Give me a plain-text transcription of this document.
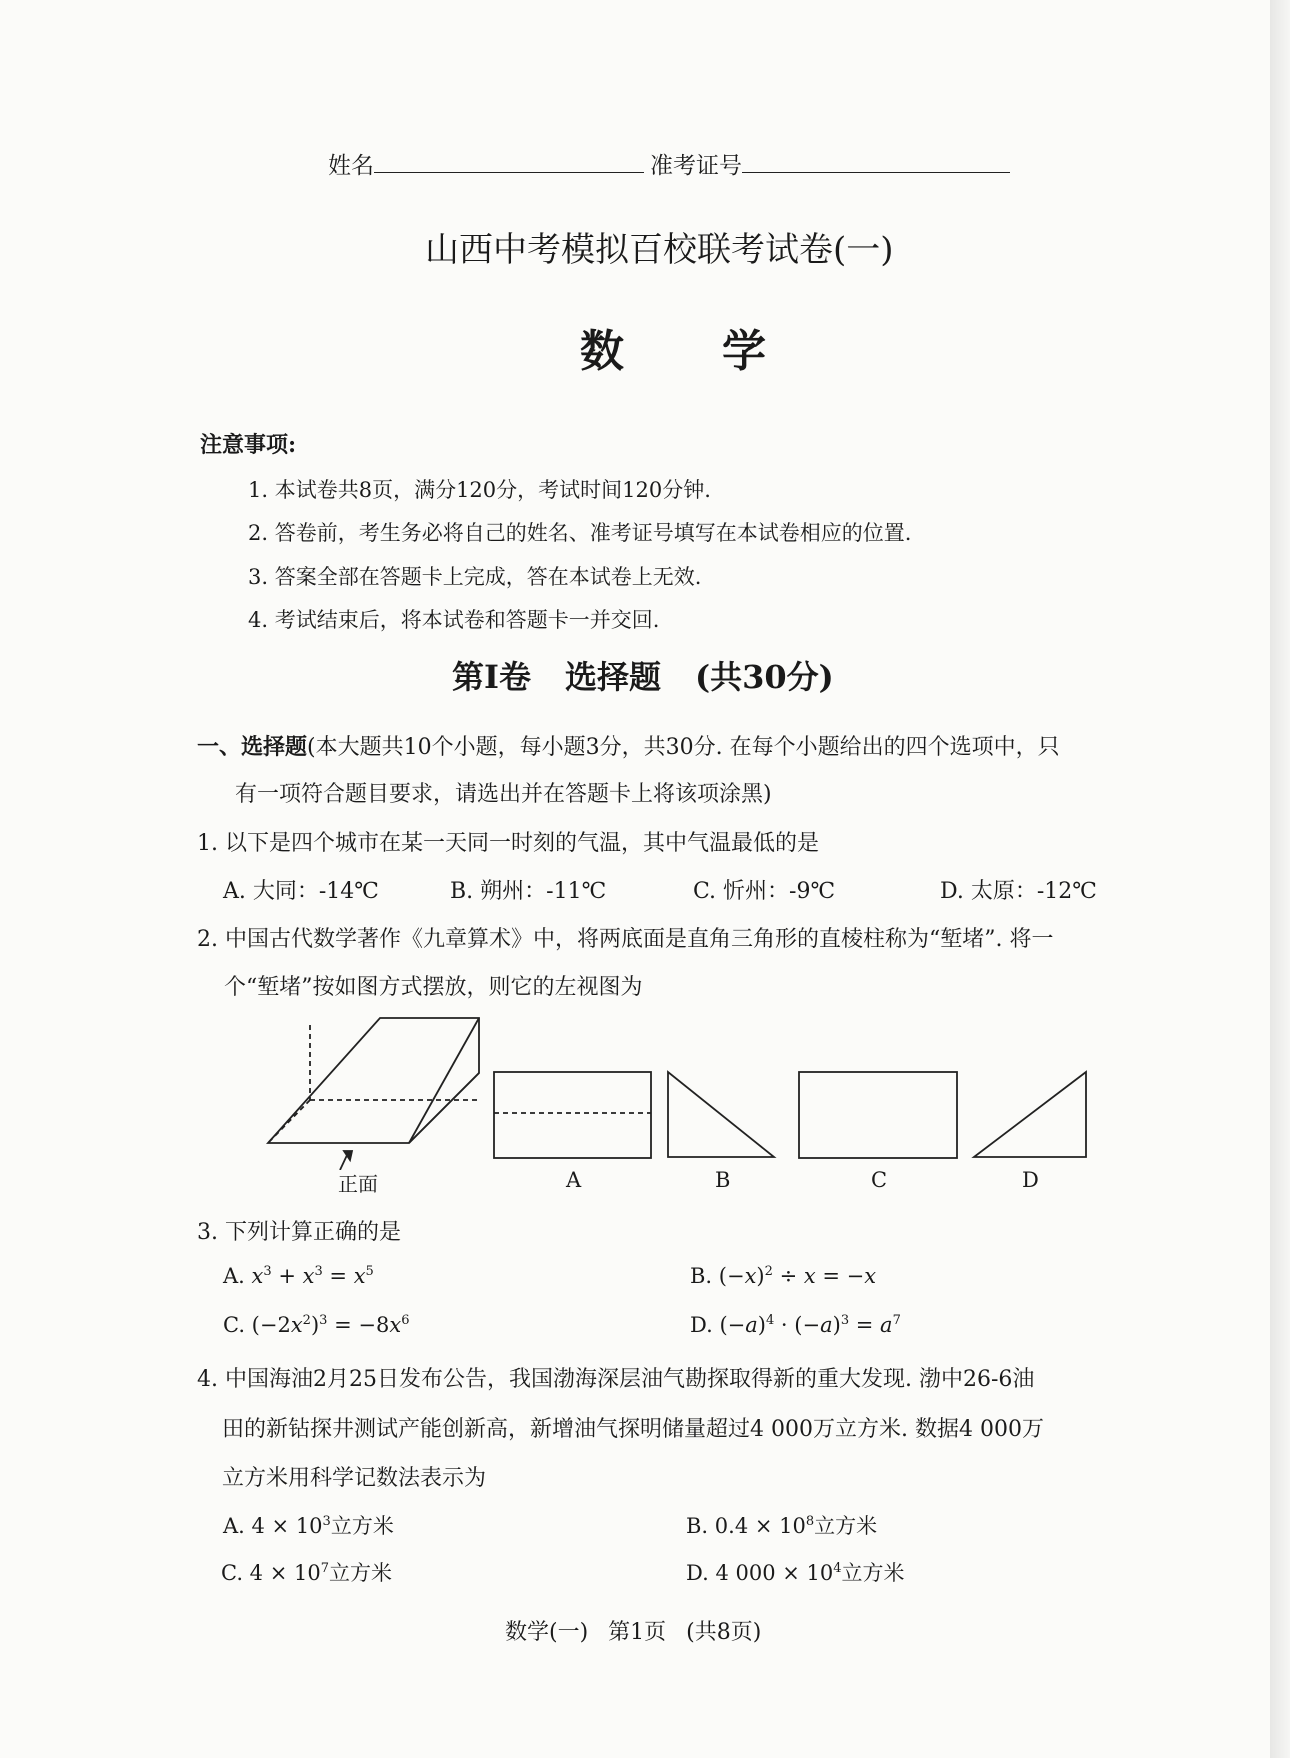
姓名	准考证号
山西中考模拟百校联考试卷(一)
数 学
注意事项:
1. 本试卷共8页，满分120分，考试时间120分钟.
2. 答卷前，考生务必将自己的姓名、准考证号填写在本试卷相应的位置.
3. 答案全部在答题卡上完成，答在本试卷上无效.
4. 考试结束后，将本试卷和答题卡一并交回.
第Ⅰ卷 选择题 (共30分)
一、选择题(本大题共10个小题，每小题3分，共30分. 在每个小题给出的四个选项中，只
有一项符合题目要求，请选出并在答题卡上将该项涂黑)
1. 以下是四个城市在某一天同一时刻的气温，其中气温最低的是
A. 大同：-14℃	B. 朔州：-11℃	C. 忻州：-9℃	D. 太原：-12℃
2. 中国古代数学著作《九章算术》中，将两底面是直角三角形的直棱柱称为“堑堵”. 将一
个“堑堵”按如图方式摆放，则它的左视图为
正面	A	B	C	D
3. 下列计算正确的是
A. $x^3 + x^3 = x^5$	B. $(-x)^2 \div x = -x$
C. $(-2x^2)^3 = -8x^6$	D. $(-a)^4 \cdot (-a)^3 = a^7$
4. 中国海油2月25日发布公告，我国渤海深层油气勘探取得新的重大发现. 渤中26-6油
田的新钻探井测试产能创新高，新增油气探明储量超过4 000万立方米. 数据4 000万
立方米用科学记数法表示为
A. $4 \times 10^3$立方米	B. $0.4 \times 10^8$立方米
C. $4 \times 10^7$立方米	D. 4 $000 \times 10^4$立方米
数学(一) 第1页 (共8页)
